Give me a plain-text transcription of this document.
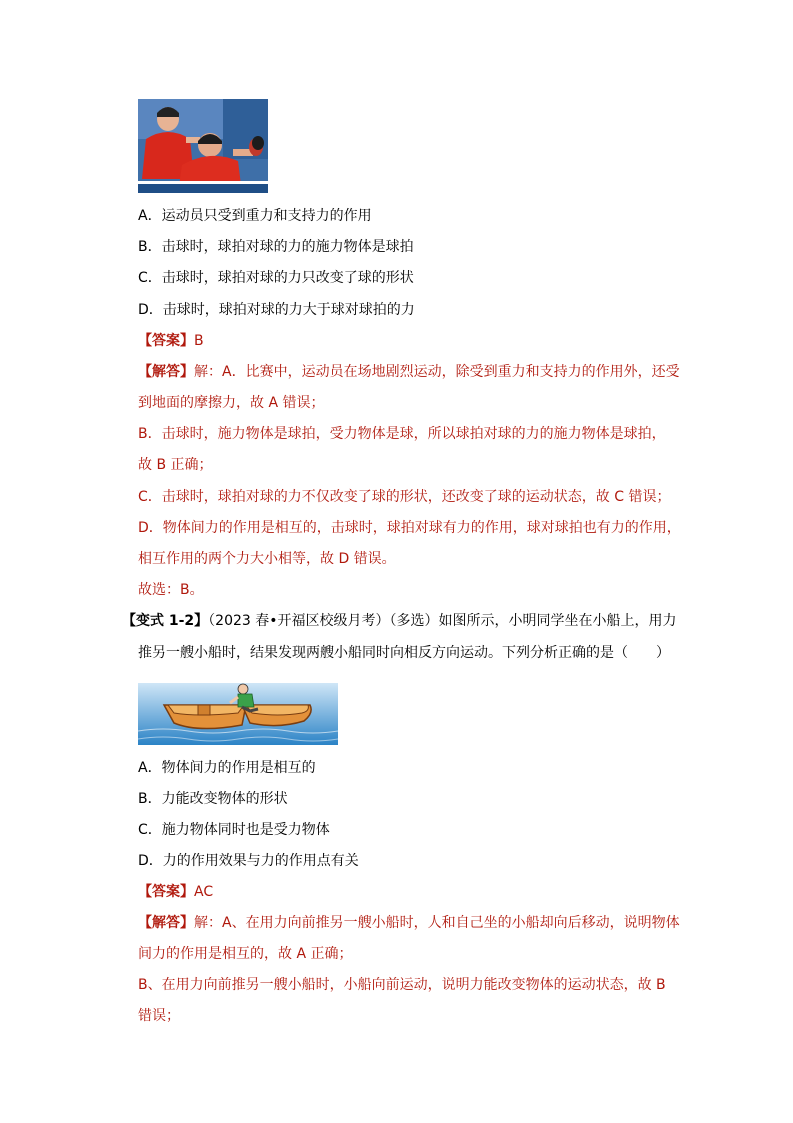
A．运动员只受到重力和支持力的作用
B．击球时，球拍对球的力的施力物体是球拍
C．击球时，球拍对球的力只改变了球的形状
D．击球时，球拍对球的力大于球对球拍的力
【答案】B
【解答】解：A．比赛中，运动员在场地剧烈运动，除受到重力和支持力的作用外，还受
到地面的摩擦力，故 A 错误；
B．击球时，施力物体是球拍，受力物体是球，所以球拍对球的力的施力物体是球拍，
故 B 正确；
C．击球时，球拍对球的力不仅改变了球的形状，还改变了球的运动状态，故 C 错误；
D．物体间力的作用是相互的，击球时，球拍对球有力的作用，球对球拍也有力的作用，
相互作用的两个力大小相等，故 D 错误。
故选：B。
【变式 1-2】（2023 春•开福区校级月考）（多选）如图所示，小明同学坐在小船上，用力
推另一艘小船时，结果发现两艘小船同时向相反方向运动。下列分析正确的是（　　）
A．物体间力的作用是相互的
B．力能改变物体的形状
C．施力物体同时也是受力物体
D．力的作用效果与力的作用点有关
【答案】AC
【解答】解：A、在用力向前推另一艘小船时，人和自己坐的小船却向后移动，说明物体
间力的作用是相互的，故 A 正确；
B、在用力向前推另一艘小船时，小船向前运动，说明力能改变物体的运动状态，故 B
错误；
